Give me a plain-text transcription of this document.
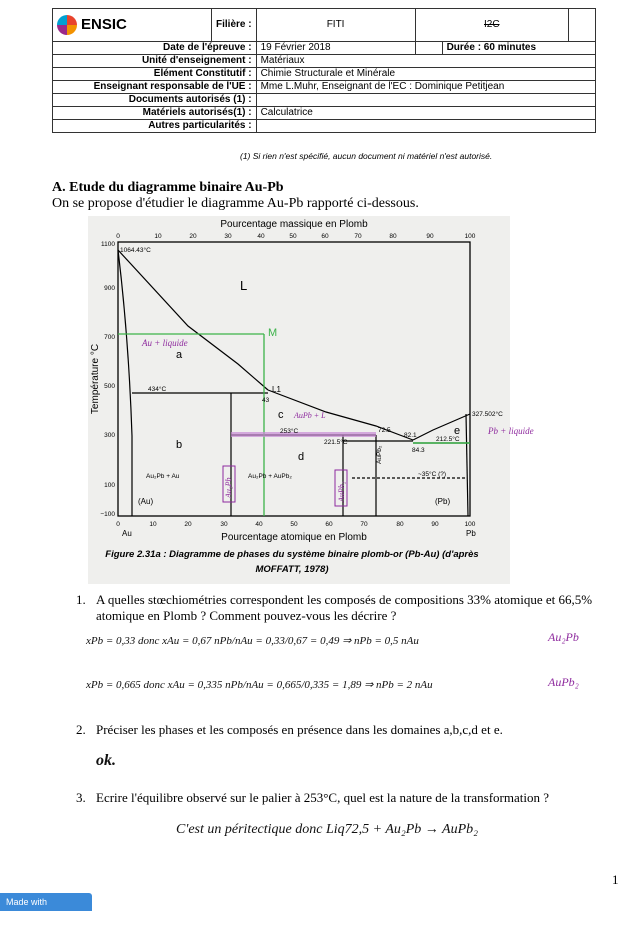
ENSIC	Filière :	FITI	I2C		
Date de l'épreuve :		19 Février 2018		Durée : 60 minutes	
Unité d'enseignement :		Matériaux			
Elément Constitutif :		Chimie Structurale et Minérale			
Enseignant responsable de l'UE :		Mme L.Muhr, Enseignant de l'EC : Dominique Petitjean			
Documents autorisés (1) :					
Matériels autorisés(1) :		Calculatrice			
Autres particularités :					
(1) Si rien n'est spécifié, aucun document ni matériel n'est autorisé.
A. Etude du diagramme binaire Au-Pb
On se propose d'étudier le diagramme Au-Pb rapporté ci-dessous.
Pourcentage massique en Plomb
0	10	20	30	40	50	60	70	80	90	100
Température °C
1100
900
700
500
300
100
−100
0	10	20	30	40	50	60	70	80	90	100
Au	Pb
Pourcentage atomique en Plomb
Au + liquide
AuPb + L
Pb + liquide
Au₂Pb	AuPb₂
1064.43°C
L
M
a
b
c
d
e
L1
434°C
43
253°C	72.5
221.5°C
82.1
212.5°C
84.3
327.502°C
~35°C (?)
(Au)	(Pb)
AuPb₂
Au₂Pb + Au	Au₂Pb + AuPb₂
Figure 2.31a : Diagramme de phases du système binaire plomb-or (Pb-Au) (d'après
MOFFATT, 1978)
1. A quelles stœchiométries correspondent les composés de compositions 33% atomique et 66,5% atomique en Plomb ? Comment pouvez-vous les décrire ?
xPb = 0,33 donc xAu = 0,67 nPb/nAu = 0,33/0,67 = 0,49 ⇒ nPb = 0,5 nAu	Au₂Pb
xPb = 0,665 donc xAu = 0,335 nPb/nAu = 0,665/0,335 = 1,89 ⇒ nPb = 2 nAu	AuPb₂
2. Préciser les phases et les composés en présence dans les domaines a,b,c,d et e.
ok.
3. Ecrire l'équilibre observé sur le palier à 253°C, quel est la nature de la transformation ?
C'est un péritectique donc Liq72,5 + Au₂Pb → AuPb₂
1
Made with Goodnotes
